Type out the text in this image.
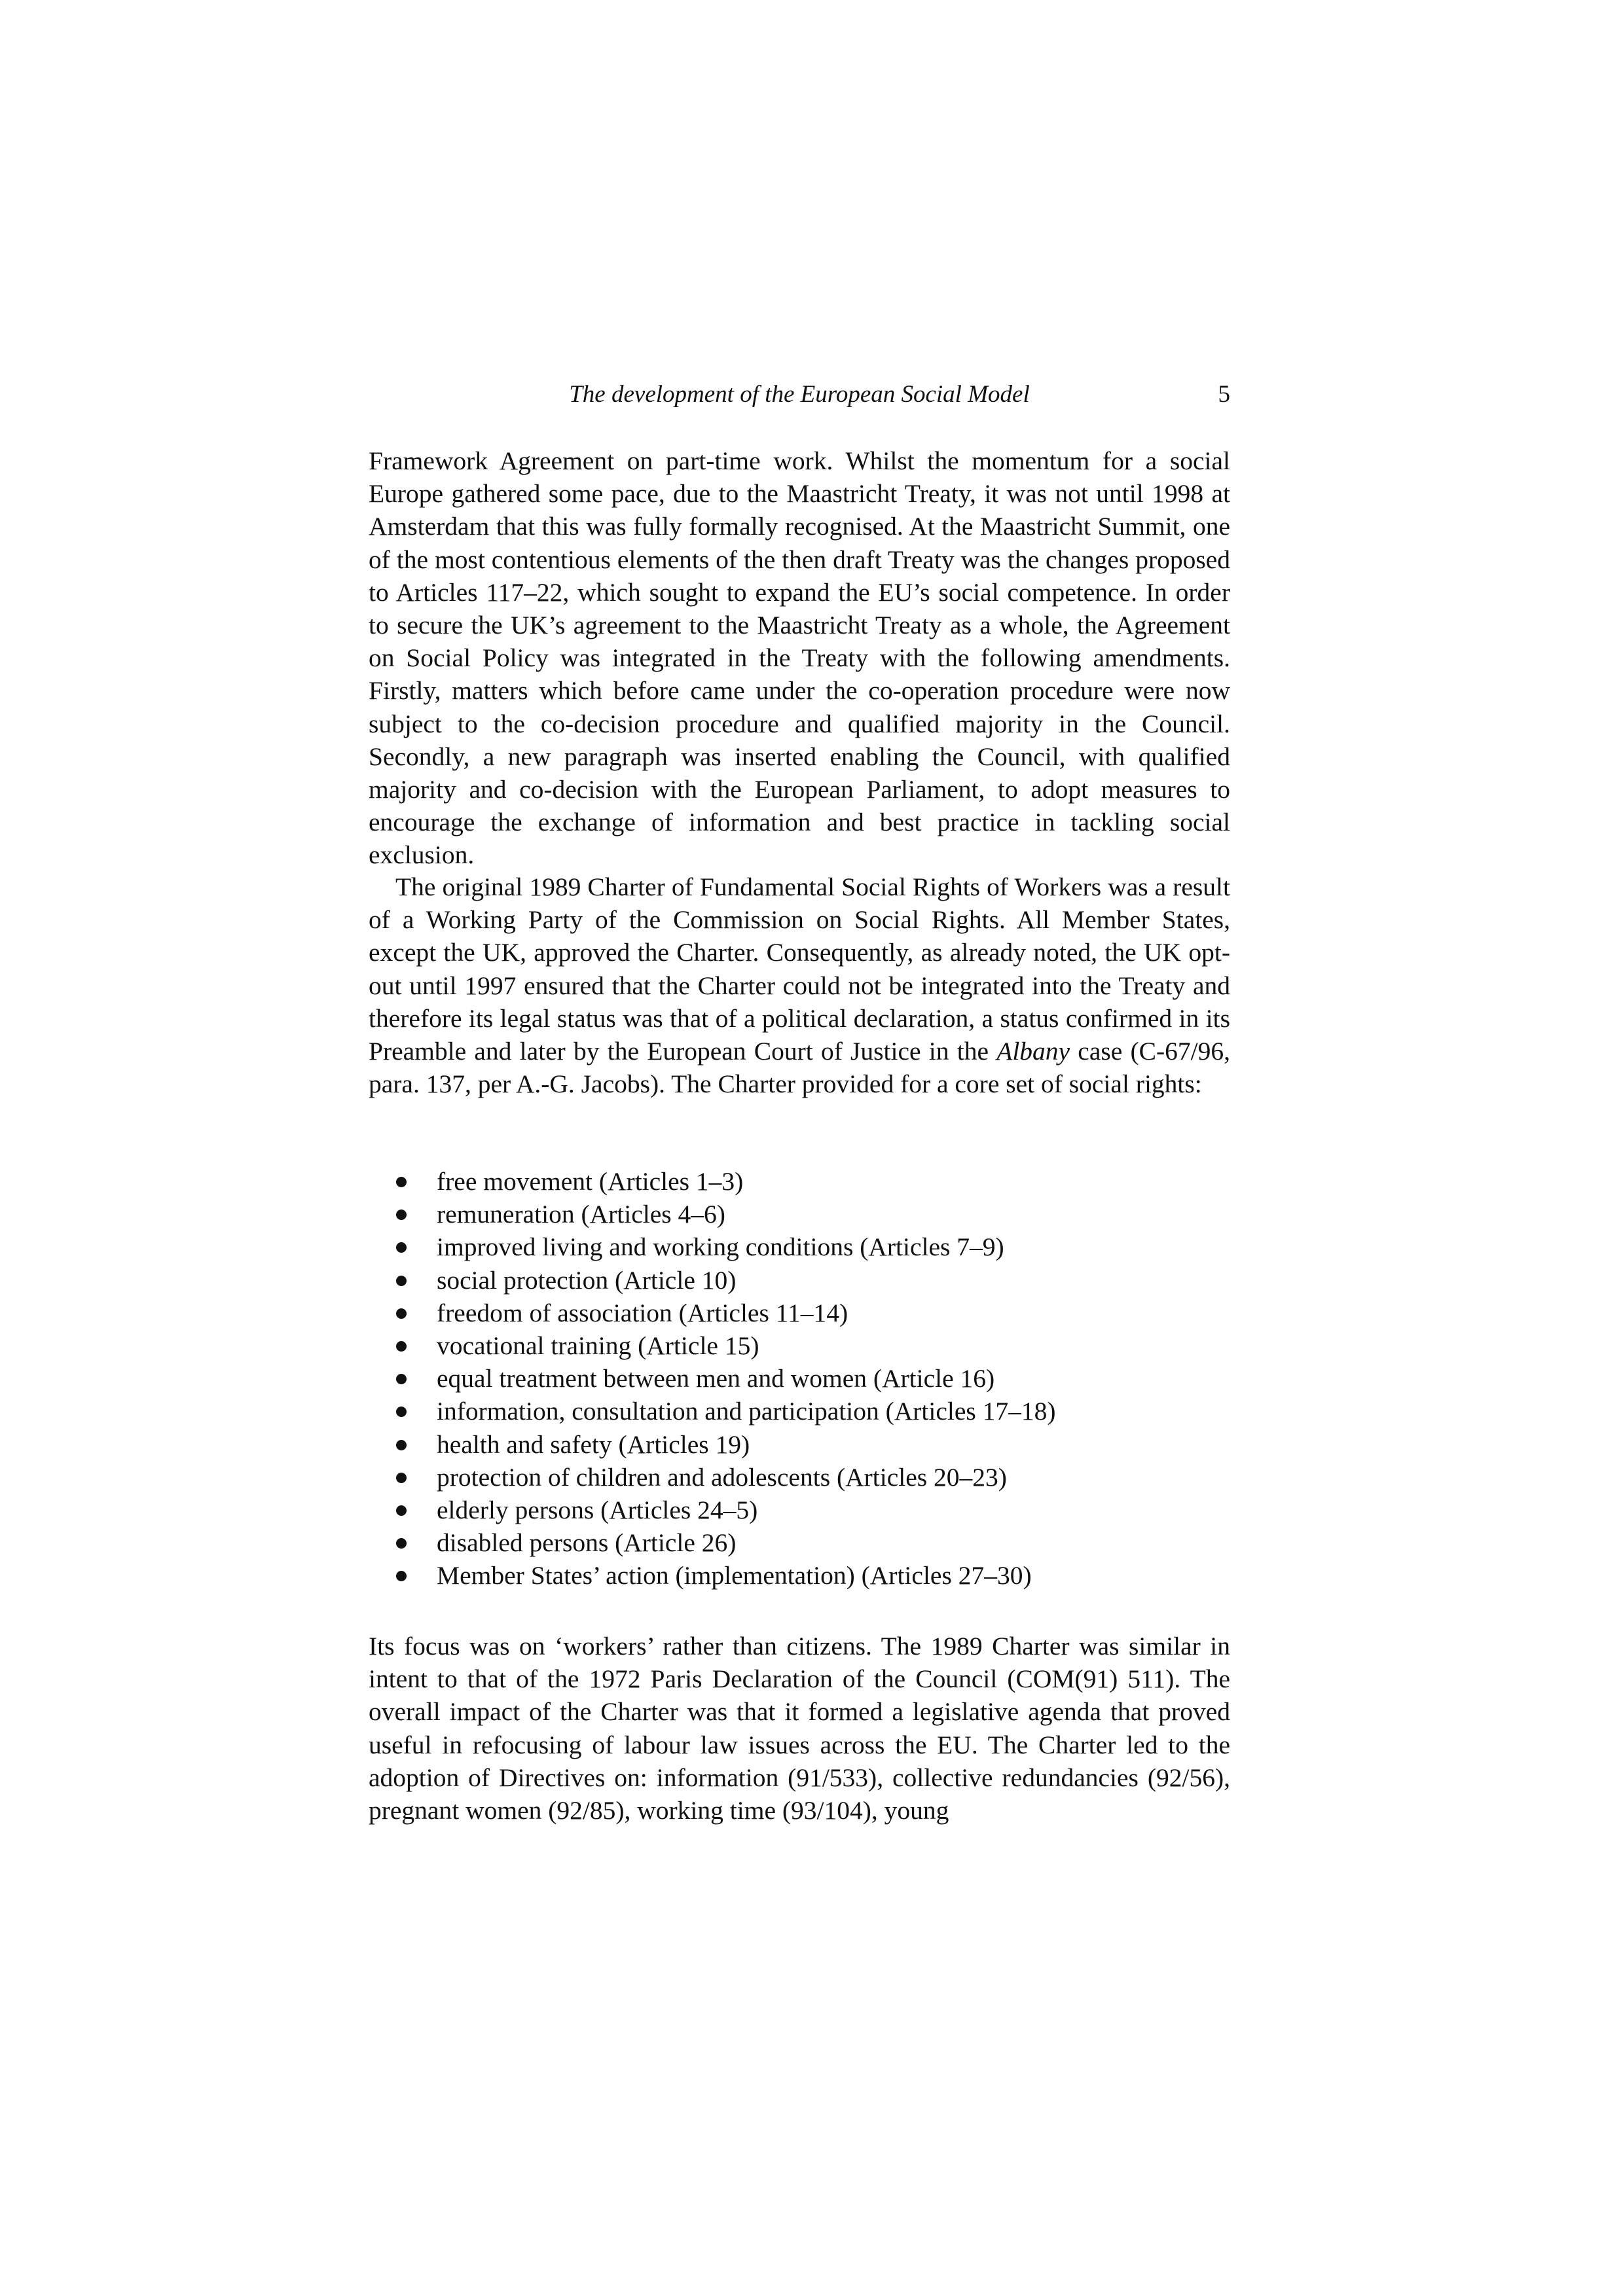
The development of the European Social Model	5

Framework Agreement on part-time work. Whilst the momentum for a social Europe gathered some pace, due to the Maastricht Treaty, it was not until 1998 at Amsterdam that this was fully formally recognised. At the Maastricht Summit, one of the most contentious elements of the then draft Treaty was the changes proposed to Articles 117–22, which sought to expand the EU’s social competence. In order to secure the UK’s agreement to the Maastricht Treaty as a whole, the Agreement on Social Policy was integrated in the Treaty with the following amendments. Firstly, matters which before came under the co-operation procedure were now subject to the co-decision procedure and qualified majority in the Council. Secondly, a new paragraph was inserted enabling the Council, with qualified majority and co-decision with the European Parliament, to adopt measures to encourage the exchange of information and best practice in tackling social exclusion.

The original 1989 Charter of Fundamental Social Rights of Workers was a result of a Working Party of the Commission on Social Rights. All Member States, except the UK, approved the Charter. Consequently, as already noted, the UK opt-out until 1997 ensured that the Charter could not be integrated into the Treaty and therefore its legal status was that of a political declaration, a status confirmed in its Preamble and later by the European Court of Justice in the Albany case (C-67/96, para. 137, per A.-G. Jacobs). The Charter provided for a core set of social rights:

free movement (Articles 1–3)
remuneration (Articles 4–6)
improved living and working conditions (Articles 7–9)
social protection (Article 10)
freedom of association (Articles 11–14)
vocational training (Article 15)
equal treatment between men and women (Article 16)
information, consultation and participation (Articles 17–18)
health and safety (Articles 19)
protection of children and adolescents (Articles 20–23)
elderly persons (Articles 24–5)
disabled persons (Article 26)
Member States’ action (implementation) (Articles 27–30)

Its focus was on ‘workers’ rather than citizens. The 1989 Charter was similar in intent to that of the 1972 Paris Declaration of the Council (COM(91) 511). The overall impact of the Charter was that it formed a legislative agenda that proved useful in refocusing of labour law issues across the EU. The Charter led to the adoption of Directives on: information (91/533), collective redundancies (92/56), pregnant women (92/85), working time (93/104), young
